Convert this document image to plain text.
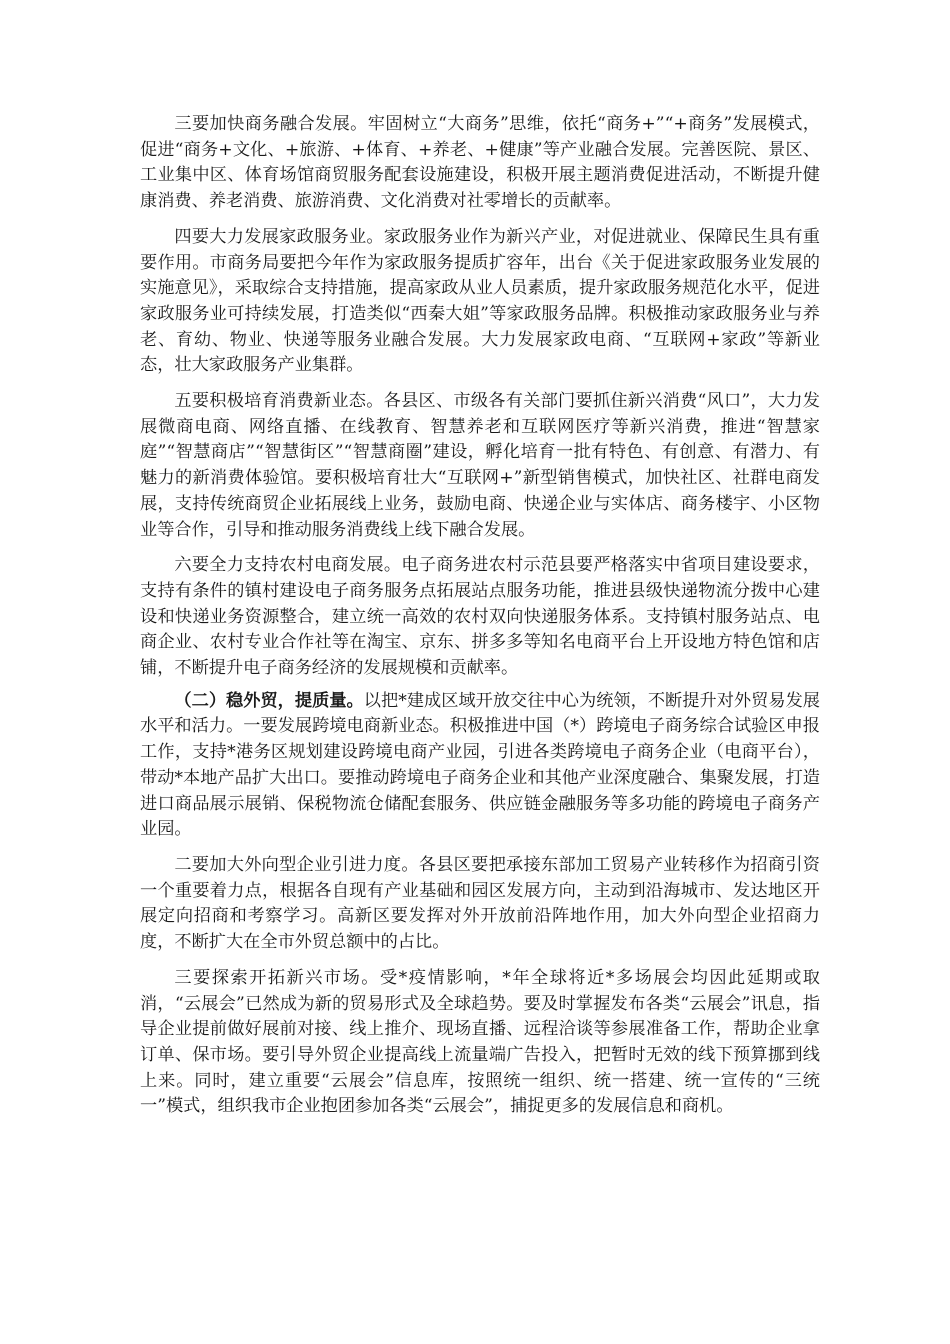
三要加快商务融合发展。牢固树立“大商务”思维，依托“商务+”“+商务”发展模式，促进“商务+文化、+旅游、+体育、+养老、+健康”等产业融合发展。完善医院、景区、工业集中区、体育场馆商贸服务配套设施建设，积极开展主题消费促进活动，不断提升健康消费、养老消费、旅游消费、文化消费对社零增长的贡献率。

四要大力发展家政服务业。家政服务业作为新兴产业，对促进就业、保障民生具有重要作用。市商务局要把今年作为家政服务提质扩容年，出台《关于促进家政服务业发展的实施意见》，采取综合支持措施，提高家政从业人员素质，提升家政服务规范化水平，促进家政服务业可持续发展，打造类似“西秦大姐”等家政服务品牌。积极推动家政服务业与养老、育幼、物业、快递等服务业融合发展。大力发展家政电商、“互联网+家政”等新业态，壮大家政服务产业集群。

五要积极培育消费新业态。各县区、市级各有关部门要抓住新兴消费“风口”，大力发展微商电商、网络直播、在线教育、智慧养老和互联网医疗等新兴消费，推进“智慧家庭”“智慧商店”“智慧街区”“智慧商圈”建设，孵化培育一批有特色、有创意、有潜力、有魅力的新消费体验馆。要积极培育壮大“互联网+”新型销售模式，加快社区、社群电商发展，支持传统商贸企业拓展线上业务，鼓励电商、快递企业与实体店、商务楼宇、小区物业等合作，引导和推动服务消费线上线下融合发展。

六要全力支持农村电商发展。电子商务进农村示范县要严格落实中省项目建设要求，支持有条件的镇村建设电子商务服务点拓展站点服务功能，推进县级快递物流分拨中心建设和快递业务资源整合，建立统一高效的农村双向快递服务体系。支持镇村服务站点、电商企业、农村专业合作社等在淘宝、京东、拼多多等知名电商平台上开设地方特色馆和店铺，不断提升电子商务经济的发展规模和贡献率。

（二）稳外贸，提质量。以把*建成区域开放交往中心为统领，不断提升对外贸易发展水平和活力。一要发展跨境电商新业态。积极推进中国（*）跨境电子商务综合试验区申报工作，支持*港务区规划建设跨境电商产业园，引进各类跨境电子商务企业（电商平台），带动*本地产品扩大出口。要推动跨境电子商务企业和其他产业深度融合、集聚发展，打造进口商品展示展销、保税物流仓储配套服务、供应链金融服务等多功能的跨境电子商务产业园。

二要加大外向型企业引进力度。各县区要把承接东部加工贸易产业转移作为招商引资一个重要着力点，根据各自现有产业基础和园区发展方向，主动到沿海城市、发达地区开展定向招商和考察学习。高新区要发挥对外开放前沿阵地作用，加大外向型企业招商力度，不断扩大在全市外贸总额中的占比。

三要探索开拓新兴市场。受*疫情影响，*年全球将近*多场展会均因此延期或取消，“云展会”已然成为新的贸易形式及全球趋势。要及时掌握发布各类“云展会”讯息，指导企业提前做好展前对接、线上推介、现场直播、远程洽谈等参展准备工作，帮助企业拿订单、保市场。要引导外贸企业提高线上流量端广告投入，把暂时无效的线下预算挪到线上来。同时，建立重要“云展会”信息库，按照统一组织、统一搭建、统一宣传的“三统一”模式，组织我市企业抱团参加各类“云展会”，捕捉更多的发展信息和商机。
